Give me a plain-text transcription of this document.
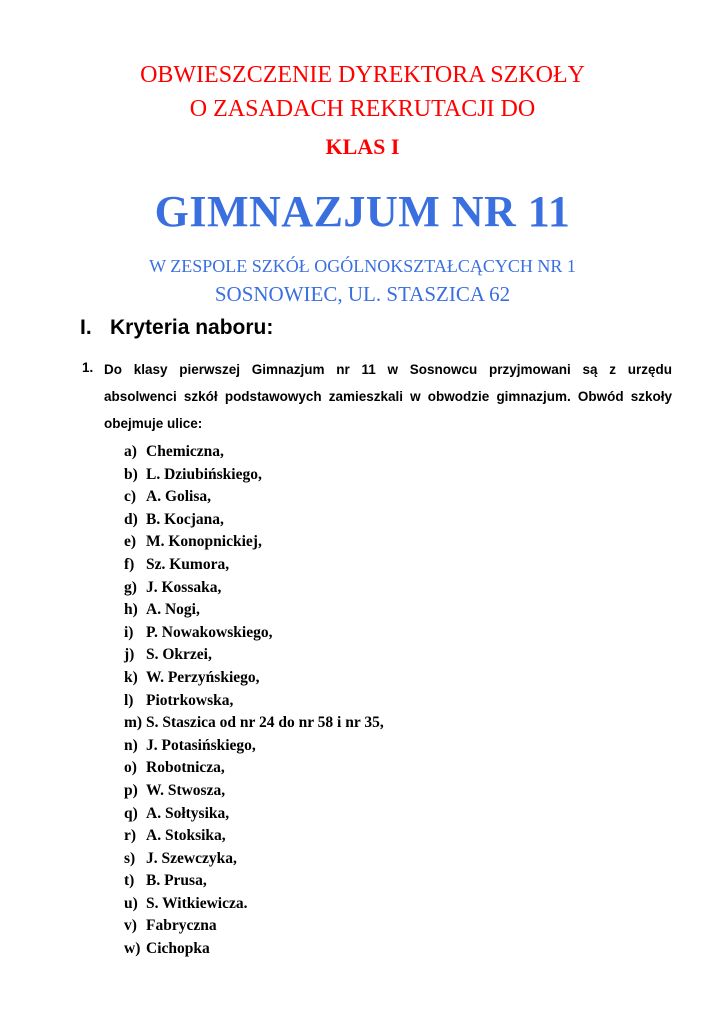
OBWIESZCZENIE DYREKTORA SZKOŁY
O ZASADACH REKRUTACJI DO
KLAS I
GIMNAZJUM NR 11
W ZESPOLE SZKÓŁ OGÓLNOKSZTAŁCĄCYCH NR 1
SOSNOWIEC, UL. STASZICA 62
I. Kryteria naboru:
1. Do klasy pierwszej Gimnazjum nr 11 w Sosnowcu przyjmowani są z urzędu
absolwenci szkół podstawowych zamieszkali w obwodzie gimnazjum. Obwód szkoły
obejmuje ulice:
a) Chemiczna,
b) L. Dziubińskiego,
c) A. Golisa,
d) B. Kocjana,
e) M. Konopnickiej,
f) Sz. Kumora,
g) J. Kossaka,
h) A. Nogi,
i) P. Nowakowskiego,
j) S. Okrzei,
k) W. Perzyńskiego,
l) Piotrkowska,
m) S. Staszica od nr 24 do nr 58 i nr 35,
n) J. Potasińskiego,
o) Robotnicza,
p) W. Stwosza,
q) A. Sołtysika,
r) A. Stoksika,
s) J. Szewczyka,
t) B. Prusa,
u) S. Witkiewicza.
v) Fabryczna
w) Cichopka
